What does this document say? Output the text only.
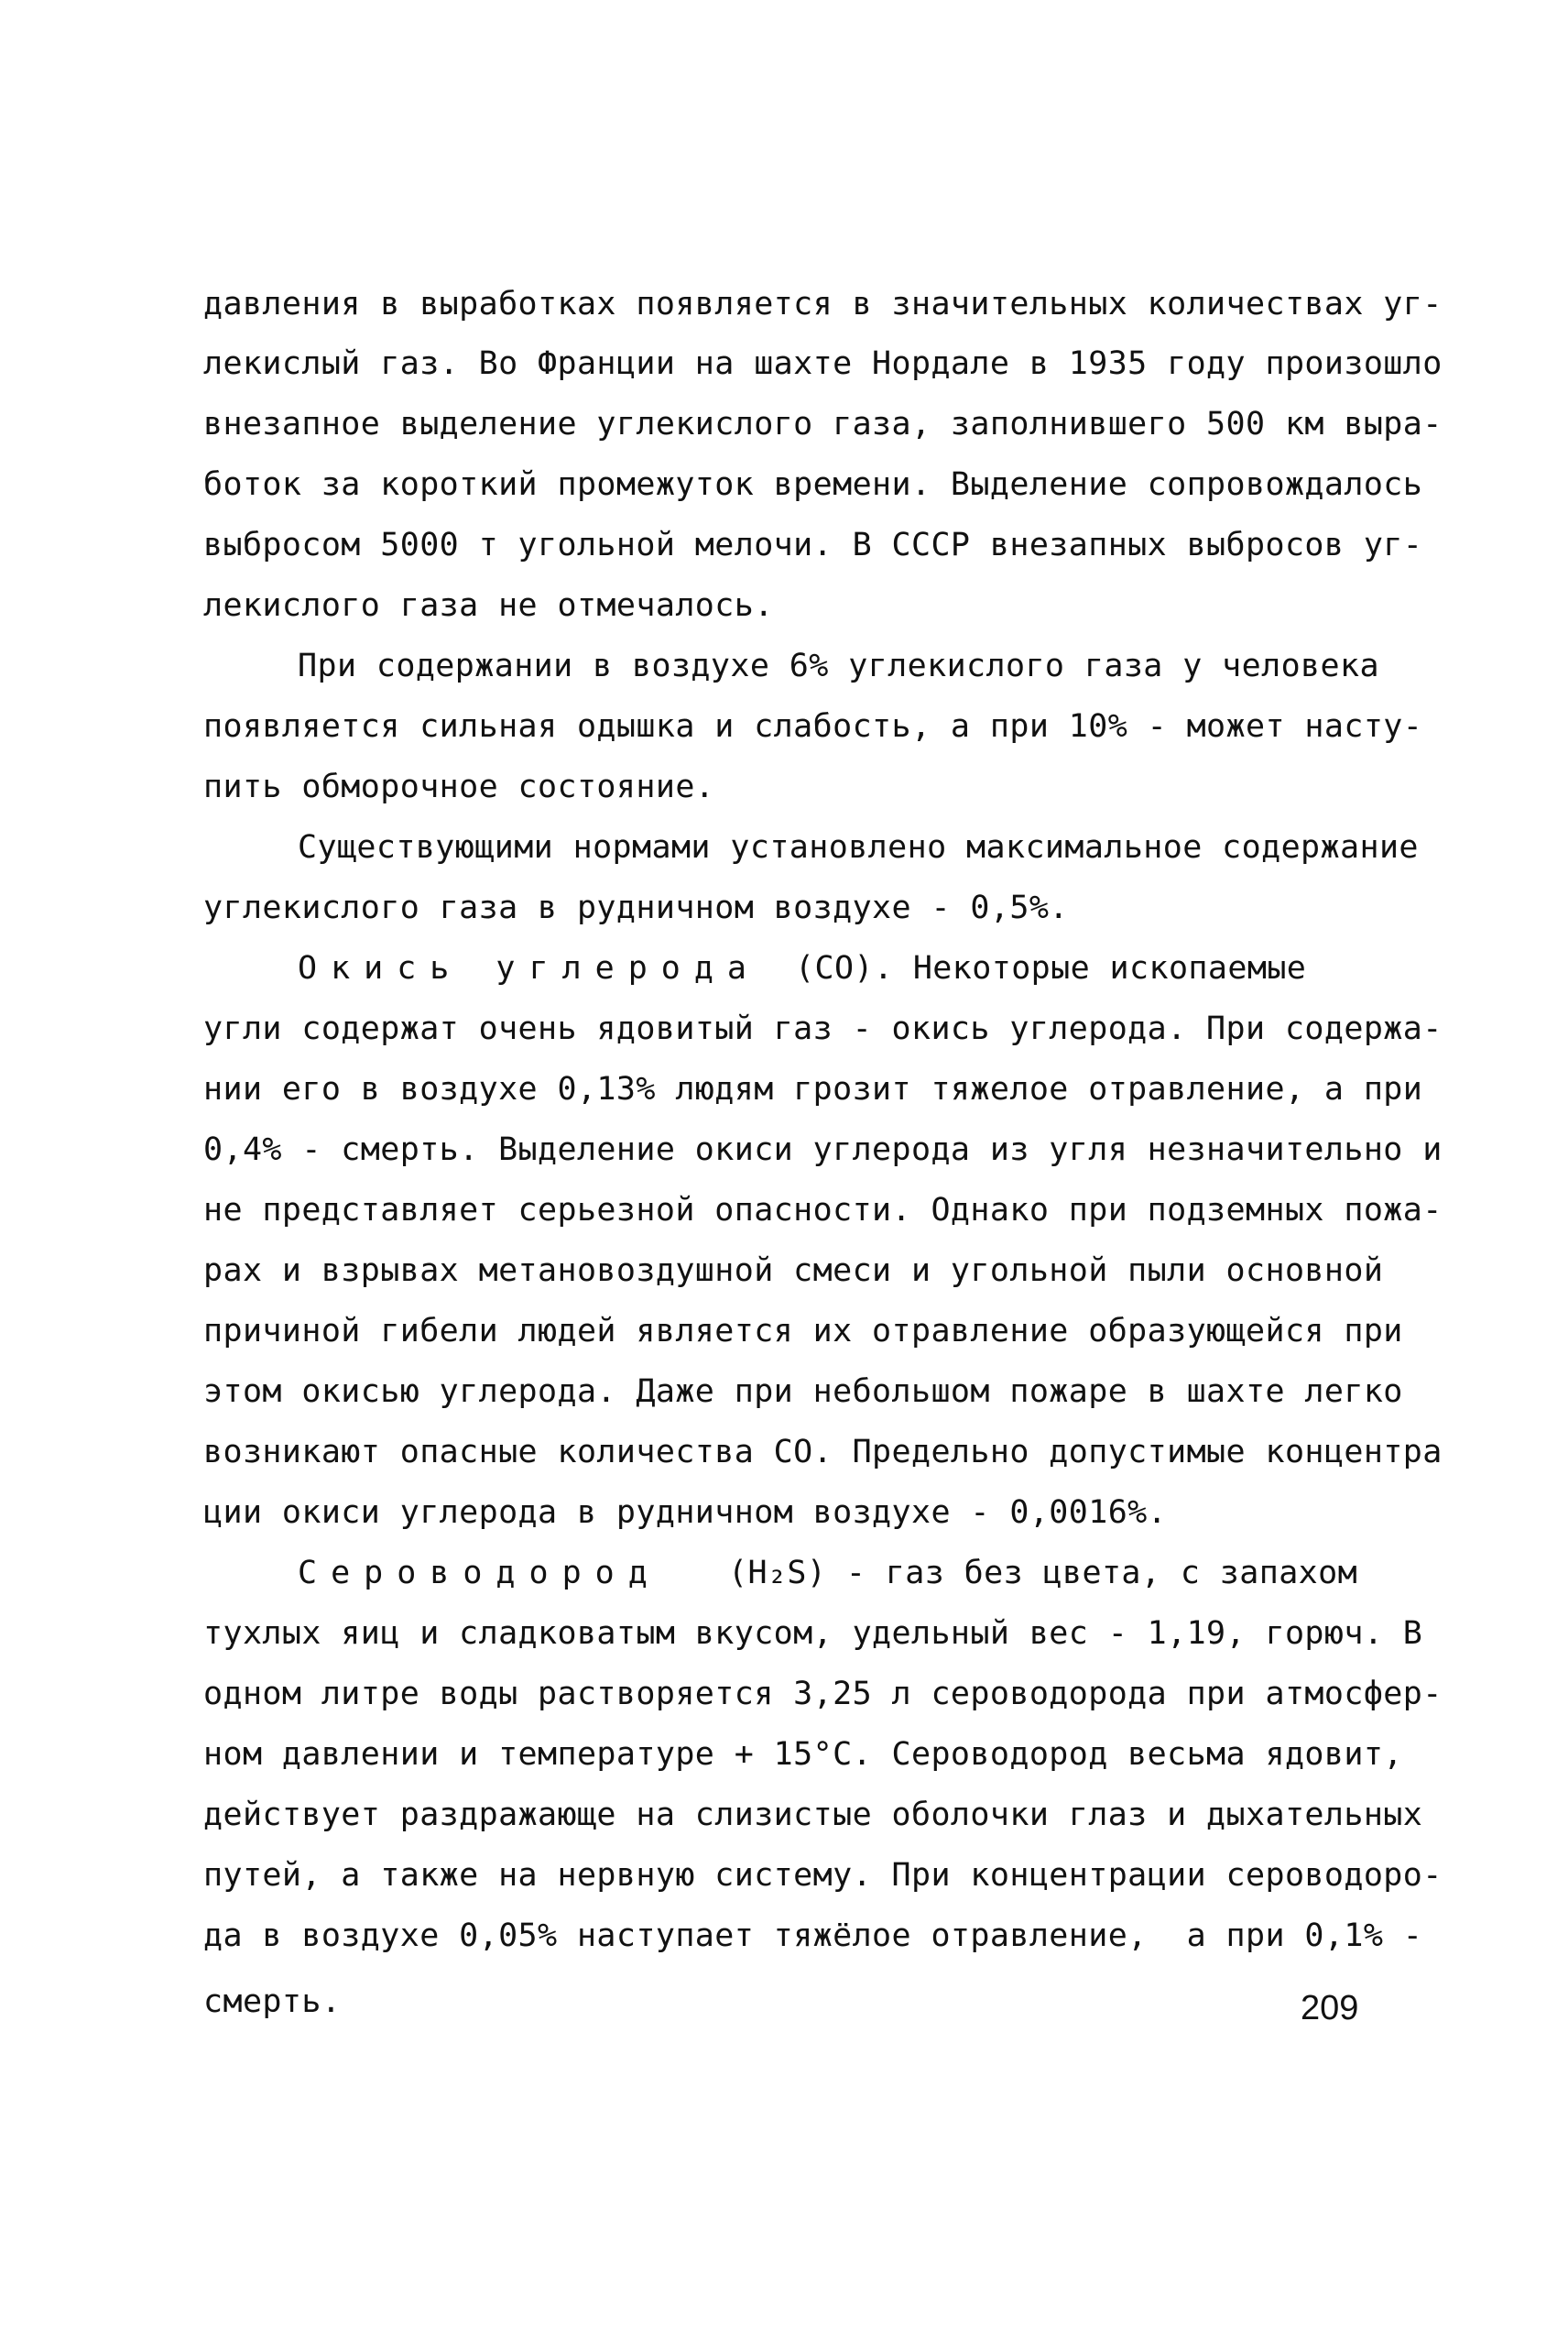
давления в выработках появляется в значительных количествах уг-
лекислый газ. Во Франции на шахте Нордале в 1935 году произошло
внезапное выделение углекислого газа, заполнившего 500 км выра-
боток за короткий промежуток времени. Выделение сопровождалось
выбросом 5000 т угольной мелочи. В СССР внезапных выбросов уг-
лекислого газа не отмечалось.
При содержании в воздухе 6% углекислого газа у человека
появляется сильная одышка и слабость, а при 10% - может насту-
пить обморочное состояние.
Существующими нормами установлено максимальное содержание
углекислого газа в рудничном воздухе - 0,5%.
Окись углерода	(СО). Некоторые ископаемые
угли содержат очень ядовитый газ - окись углерода. При содержа-
нии его в воздухе 0,13% людям грозит тяжелое отравление, а при
0,4% - смерть. Выделение окиси углерода из угля незначительно и
не представляет серьезной опасности. Однако при подземных пожа-
рах и взрывах метановоздушной смеси и угольной пыли основной
причиной гибели людей является их отравление образующейся при
этом окисью углерода. Даже при небольшом пожаре в шахте легко
возникают опасные количества СО. Предельно допустимые концентра
ции окиси углерода в рудничном воздухе - 0,0016%.
Сероводород	(H₂S) - газ без цвета, с запахом
тухлых яиц и сладковатым вкусом, удельный вес - 1,19, горюч. В
одном литре воды растворяется 3,25 л сероводорода при атмосфер-
ном давлении и температуре + 15°С. Сероводород весьма ядовит,
действует раздражающе на слизистые оболочки глаз и дыхательных
путей, а также на нервную систему. При концентрации сероводоро-
да в воздухе 0,05% наступает тяжёлое отравление,  а при 0,1% -
смерть.	209
